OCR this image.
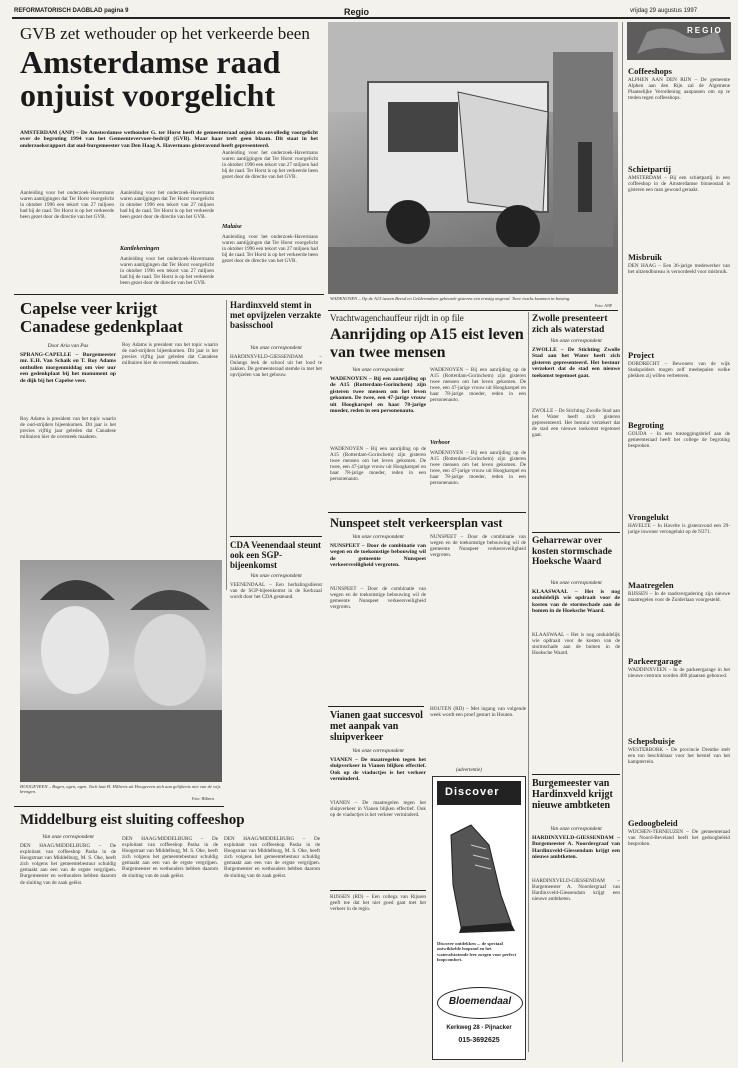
REFORMATORISCH DAGBLAD pagina 9	Regio	vrijdag 29 augustus 1997
GVB zet wethouder op het verkeerde been
Amsterdamse raad onjuist voorgelicht
AMSTERDAM (ANP) – De Amsterdamse wethouder G. ter Horst heeft de gemeenteraad onjuist en onvolledig voorgelicht over de begroting 1994 van het Gemeentevervoer-bedrijf (GVB). Maar haar treft geen blaam. Dit staat in het onderzoeksrapport dat oud-burgemeester van Den Haag A. Havermans gisteravond heeft gepresenteerd.
Aanleiding voor het onderzoek-Havermans waren aantijgingen dat Ter Horst voorgelicht in oktober 1996 een tekort van 27 miljoen had bij de raad. Ter Horst is op het verkeerde been gezet door de directie van het GVB.
Aanleiding voor het onderzoek-Havermans waren aantijgingen dat Ter Horst voorgelicht in oktober 1996 een tekort van 27 miljoen had bij de raad. Ter Horst is op het verkeerde been gezet door de directie van het GVB.
Kantlekeningen
Aanleiding voor het onderzoek-Havermans waren aantijgingen dat Ter Horst voorgelicht in oktober 1996 een tekort van 27 miljoen had bij de raad. Ter Horst is op het verkeerde been gezet door de directie van het GVB.
Aanleiding voor het onderzoek-Havermans waren aantijgingen dat Ter Horst voorgelicht in oktober 1996 een tekort van 27 miljoen had bij de raad. Ter Horst is op het verkeerde been gezet door de directie van het GVB.
Malaise
Aanleiding voor het onderzoek-Havermans waren aantijgingen dat Ter Horst voorgelicht in oktober 1996 een tekort van 27 miljoen had bij de raad. Ter Horst is op het verkeerde been gezet door de directie van het GVB.
WADENOYEN – Op de A15 tussen Beesd en Geldermalsen gebeurde gisteren een ernstig ongeval. Twee trucks kwamen in botsing.
Foto: ANP
REGIO
Coffeeshops
ALPHEN AAN DEN RIJN – De gemeente Alphen aan den Rijn zal de Algemene Plaatselijke Verordening aanpassen om op te treden tegen coffeeshops.
Schietpartij
AMSTERDAM – Bij een schietpartij in een coffeeshop in de Amsterdamse binnenstad is gisteren een man gewond geraakt.
Misbruik
DEN HAAG – Een 36-jarige medewerker van het uitzendbureau is veroordeeld voor misbruik.
Project
DORDRECHT – Bewoners van de wijk Stadspolders mogen zelf meebepalen welke plekken zij willen verbeteren.
Begroting
GOUDA – In een toezeggingsbrief aan de gemeenteraad heeft het college de begroting besproken.
Vrongelukt
HAVELTE – In Havelte is gisteravond een 29-jarige inwoner verongelukt op de N371.
Maatregelen
RIJSSEN – In de raadsvergadering zijn nieuwe maatregelen voor de Zuiderlaan voorgesteld.
Parkeergarage
WADDINXVEEN – In de parkeergarage in het nieuwe centrum worden 400 plaatsen gebouwd.
Schepsbuisje
WESTERBORK – De provincie Drenthe stelt een ton beschikbaar voor het herstel van het kampterrein.
Gedoogbeleid
WIJCHEN-TERNEUZEN – De gemeenteraad van Noord-Beveland heeft het gedoogbeleid besproken.
Capelse veer krijgt Canadese gedenkplaat
Door Aria van Pas
SPRANG-CAPELLE – Burgemeester mr. E.H. Van Schaik en T. Roy Adams onthullen morgenmiddag om vier uur een gedenkplaat bij het monument op de dijk bij het Capelse veer.
Roy Adams is president van het topic waarin de oud-strijders bijeenkomen. Dit jaar is het precies vijftig jaar geleden dat Canadese militairen hier de oversteek maakten.
Roy Adams is president van het topic waarin de oud-strijders bijeenkomen. Dit jaar is het precies vijftig jaar geleden dat Canadese militairen hier de oversteek maakten.
Hardinxveld stemt in met opvijzelen verzakte basisschool
Van onze correspondent
HARDINXVELD-GIESSENDAM – Onlangs leek de school uit het lood te zakken. De gemeenteraad stemde in met het opvijzelen van het gebouw.
CDA Veenendaal steunt ook een SGP-bijeenkomst
Van onze correspondent
VEENENDAAL – Een herhalingsdienst van de SGP-bijeenkomst in de Kerkzaal wordt door het CDA gesteund.
HOOGEVEEN – Bogen, ogen, ogen. Toch laat H. Hilberts uit Hoogeveen zich aan gelijkenis niet van de wijs brengen.
Foto: Hilberts
Middelburg eist sluiting coffeeshop
Van onze correspondent
DEN HAAG/MIDDELBURG – De exploitant van coffeeshop Pasha in de Hoogstraat van Middelburg, M. S. Oke, heeft zich volgens het gemeentebestuur schuldig gemaakt aan een van de ergste vergrijpen. Burgemeester en wethouders hebben daarom de sluiting van de zaak geëist.
DEN HAAG/MIDDELBURG – De exploitant van coffeeshop Pasha in de Hoogstraat van Middelburg, M. S. Oke, heeft zich volgens het gemeentebestuur schuldig gemaakt aan een van de ergste vergrijpen. Burgemeester en wethouders hebben daarom de sluiting van de zaak geëist.
DEN HAAG/MIDDELBURG – De exploitant van coffeeshop Pasha in de Hoogstraat van Middelburg, M. S. Oke, heeft zich volgens het gemeentebestuur schuldig gemaakt aan een van de ergste vergrijpen. Burgemeester en wethouders hebben daarom de sluiting van de zaak geëist.
Vrachtwagenchauffeur rijdt in op file
Aanrijding op A15 eist leven van twee mensen
Van onze correspondent
WADENOYEN – Bij een aanrijding op de A15 (Rotterdam-Gorinchem) zijn gisteren twee mensen om het leven gekomen. De twee, een 47-jarige vrouw uit Hoogkarspel en haar 78-jarige moeder, reden in een personenauto.
WADENOYEN – Bij een aanrijding op de A15 (Rotterdam-Gorinchem) zijn gisteren twee mensen om het leven gekomen. De twee, een 47-jarige vrouw uit Hoogkarspel en haar 78-jarige moeder, reden in een personenauto.
WADENOYEN – Bij een aanrijding op de A15 (Rotterdam-Gorinchem) zijn gisteren twee mensen om het leven gekomen. De twee, een 47-jarige vrouw uit Hoogkarspel en haar 78-jarige moeder, reden in een personenauto.
Verhoor
WADENOYEN – Bij een aanrijding op de A15 (Rotterdam-Gorinchem) zijn gisteren twee mensen om het leven gekomen. De twee, een 47-jarige vrouw uit Hoogkarspel en haar 78-jarige moeder, reden in een personenauto.
Zwolle presenteert zich als waterstad
Van onze correspondent
ZWOLLE – De Stichting Zwolle Stad aan het Water heeft zich gisteren gepresenteerd. Het bestuur verzekert dat de stad een nieuwe toekomst tegemoet gaat.
ZWOLLE – De Stichting Zwolle Stad aan het Water heeft zich gisteren gepresenteerd. Het bestuur verzekert dat de stad een nieuwe toekomst tegemoet gaat.
Geharrewar over kosten stormschade Hoeksche Waard
Van onze correspondent
KLAASWAAL – Het is nog onduidelijk wie opdraait voor de kosten van de stormschade aan de bomen in de Hoeksche Waard.
KLAASWAAL – Het is nog onduidelijk wie opdraait voor de kosten van de stormschade aan de bomen in de Hoeksche Waard.
Nunspeet stelt verkeersplan vast
Van onze correspondent
NUNSPEET – Door de combinatie van wegen en de toekomstige bebouwing wil de gemeente Nunspeet verkeersveiligheid vergroten.
NUNSPEET – Door de combinatie van wegen en de toekomstige bebouwing wil de gemeente Nunspeet verkeersveiligheid vergroten.
NUNSPEET – Door de combinatie van wegen en de toekomstige bebouwing wil de gemeente Nunspeet verkeersveiligheid vergroten.
Vianen gaat succesvol met aanpak van sluipverkeer
Van onze correspondent
VIANEN – De maatregelen tegen het sluipverkeer in Vianen blijken effectief. Ook op de viaductjes is het verkeer verminderd.
VIANEN – De maatregelen tegen het sluipverkeer in Vianen blijken effectief. Ook op de viaductjes is het verkeer verminderd.
RIJSSEN (RD) – Een collega van Rijssen geeft toe dat het niet goed gaat met het verkeer in de regio.
HOUTEN (RD) – Met ingang van volgende week wordt een proef gestart in Houten.
(advertentie)
Discover
Discover ontdekken ... de speciaal ontwikkelde loopzool en het waterafstotende leer zorgen voor perfect loopcomfort.
Bloemendaal
Kerkweg 28 - Pijnacker
015-3692625
Burgemeester van Hardinxveld krijgt nieuwe ambtketen
Van onze correspondent
HARDINXVELD-GIESSENDAM – Burgemeester A. Noordergraaf van Hardinxveld-Giessendam krijgt een nieuwe ambtketen.
HARDINXVELD-GIESSENDAM – Burgemeester A. Noordergraaf van Hardinxveld-Giessendam krijgt een nieuwe ambtketen.
